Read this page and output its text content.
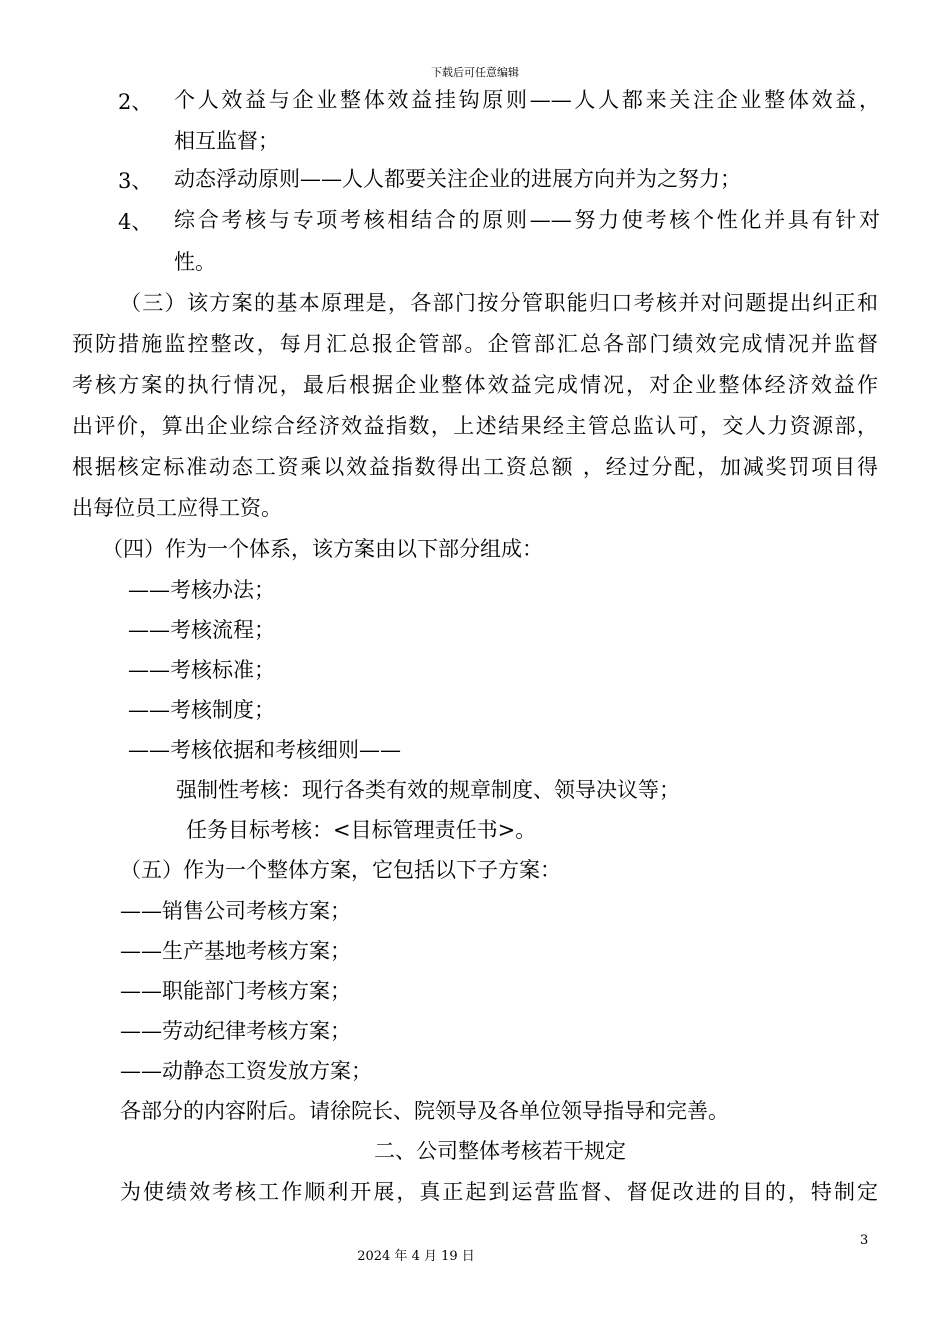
下载后可任意编辑
2、 个人效益与企业整体效益挂钩原则——人人都来关注企业整体效益，
相互监督；
3、 动态浮动原则——人人都要关注企业的进展方向并为之努力；
4、 综合考核与专项考核相结合的原则——努力使考核个性化并具有针对
性。
（三）该方案的基本原理是，各部门按分管职能归口考核并对问题提出纠正和
预防措施监控整改，每月汇总报企管部。企管部汇总各部门绩效完成情况并监督
考核方案的执行情况，最后根据企业整体效益完成情况，对企业整体经济效益作
出评价，算出企业综合经济效益指数，上述结果经主管总监认可，交人力资源部，
根据核定标准动态工资乘以效益指数得出工资总额 ，经过分配，加减奖罚项目得
出每位员工应得工资。
（四）作为一个体系，该方案由以下部分组成：
——考核办法；
——考核流程；
——考核标准；
——考核制度；
——考核依据和考核细则——
强制性考核：现行各类有效的规章制度、领导决议等；
任务目标考核：<目标管理责任书>。
（五）作为一个整体方案，它包括以下子方案：
——销售公司考核方案；
——生产基地考核方案；
——职能部门考核方案；
——劳动纪律考核方案；
——动静态工资发放方案；
各部分的内容附后。请徐院长、院领导及各单位领导指导和完善。
二、公司整体考核若干规定
为使绩效考核工作顺利开展，真正起到运营监督、督促改进的目的，特制定
3
2024 年 4 月 19 日
